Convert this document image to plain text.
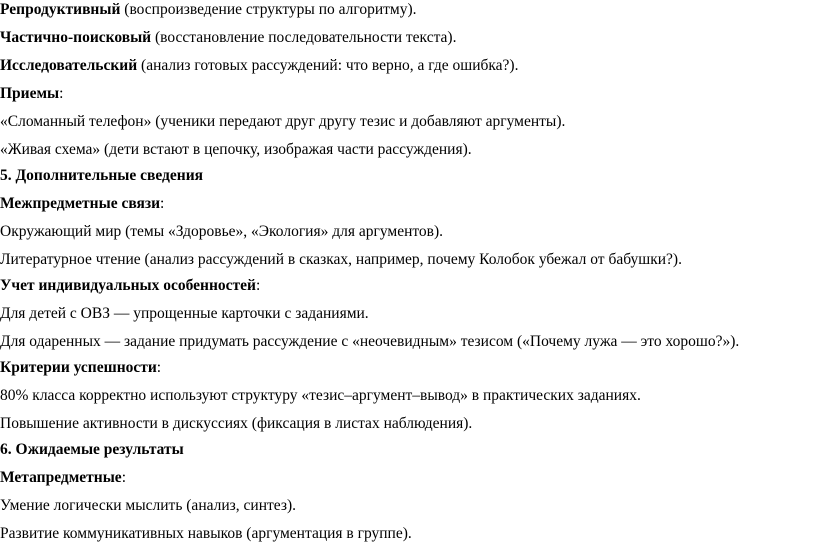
Репродуктивный (воспроизведение структуры по алгоритму).
Частично-поисковый (восстановление последовательности текста).
Исследовательский (анализ готовых рассуждений: что верно, а где ошибка?).
Приемы:
«Сломанный телефон» (ученики передают друг другу тезис и добавляют аргументы).
«Живая схема» (дети встают в цепочку, изображая части рассуждения).
5. Дополнительные сведения
Межпредметные связи:
Окружающий мир (темы «Здоровье», «Экология» для аргументов).
Литературное чтение (анализ рассуждений в сказках, например, почему Колобок убежал от бабушки?).
Учет индивидуальных особенностей:
Для детей с ОВЗ — упрощенные карточки с заданиями.
Для одаренных — задание придумать рассуждение с «неочевидным» тезисом («Почему лужа — это хорошо?»).
Критерии успешности:
80% класса корректно используют структуру «тезис–аргумент–вывод» в практических заданиях.
Повышение активности в дискуссиях (фиксация в листах наблюдения).
6. Ожидаемые результаты
Метапредметные:
Умение логически мыслить (анализ, синтез).
Развитие коммуникативных навыков (аргументация в группе).
